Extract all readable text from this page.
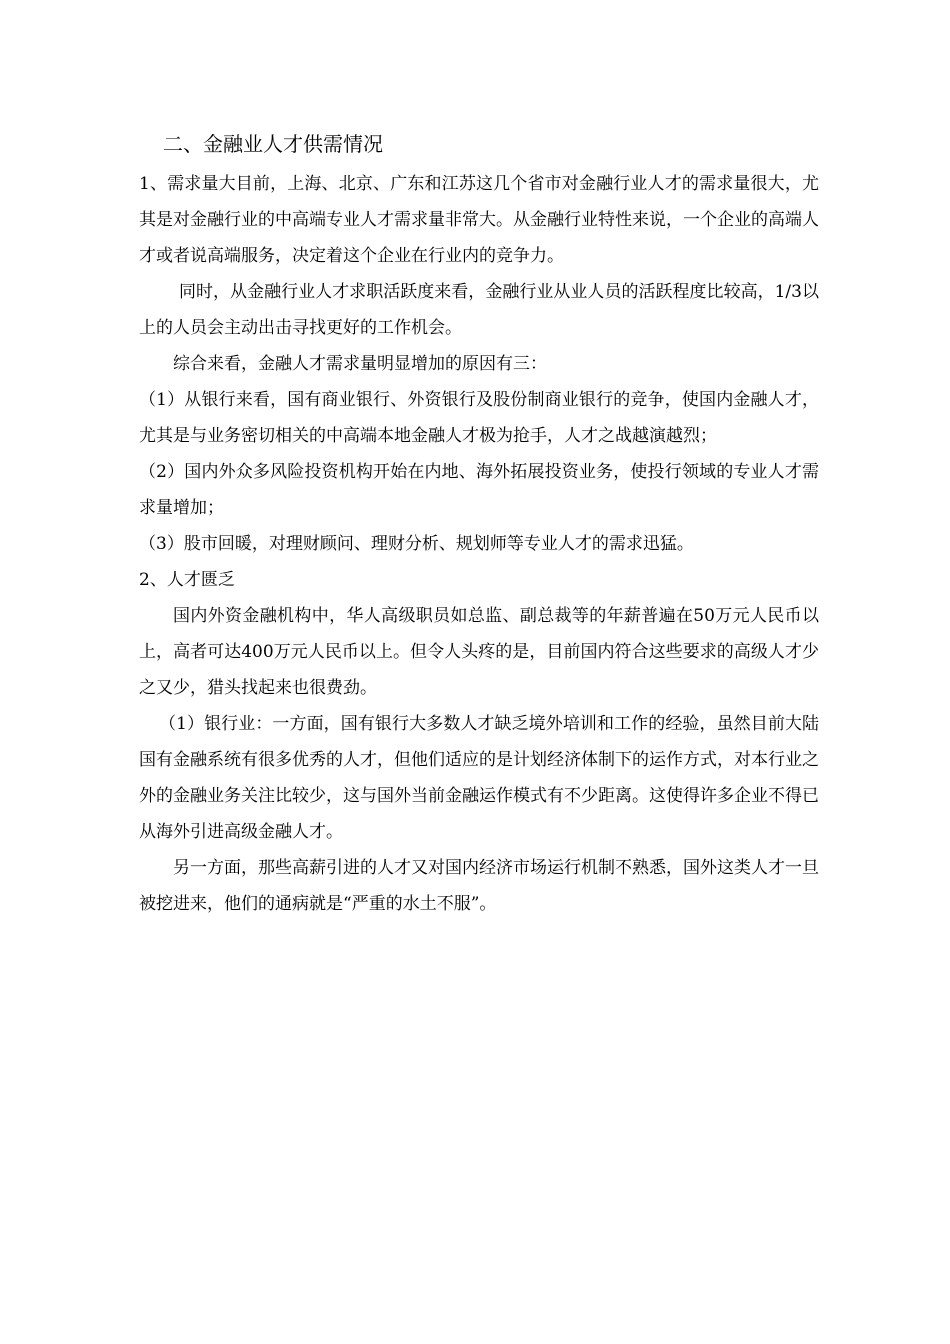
二、金融业人才供需情况

1、需求量大目前，上海、北京、广东和江苏这几个省市对金融行业人才的需求量很大，尤其是对金融行业的中高端专业人才需求量非常大。从金融行业特性来说，一个企业的高端人才或者说高端服务，决定着这个企业在行业内的竞争力。

同时，从金融行业人才求职活跃度来看，金融行业从业人员的活跃程度比较高，1/3以上的人员会主动出击寻找更好的工作机会。

综合来看，金融人才需求量明显增加的原因有三：

（1）从银行来看，国有商业银行、外资银行及股份制商业银行的竞争，使国内金融人才，尤其是与业务密切相关的中高端本地金融人才极为抢手，人才之战越演越烈；

（2）国内外众多风险投资机构开始在内地、海外拓展投资业务，使投行领域的专业人才需求量增加；

（3）股市回暖，对理财顾问、理财分析、规划师等专业人才的需求迅猛。

2、人才匮乏

国内外资金融机构中，华人高级职员如总监、副总裁等的年薪普遍在50万元人民币以上，高者可达400万元人民币以上。但令人头疼的是，目前国内符合这些要求的高级人才少之又少，猎头找起来也很费劲。

（1）银行业：一方面，国有银行大多数人才缺乏境外培训和工作的经验，虽然目前大陆国有金融系统有很多优秀的人才，但他们适应的是计划经济体制下的运作方式，对本行业之外的金融业务关注比较少，这与国外当前金融运作模式有不少距离。这使得许多企业不得已从海外引进高级金融人才。

另一方面，那些高薪引进的人才又对国内经济市场运行机制不熟悉，国外这类人才一旦被挖进来，他们的通病就是“严重的水土不服”。
